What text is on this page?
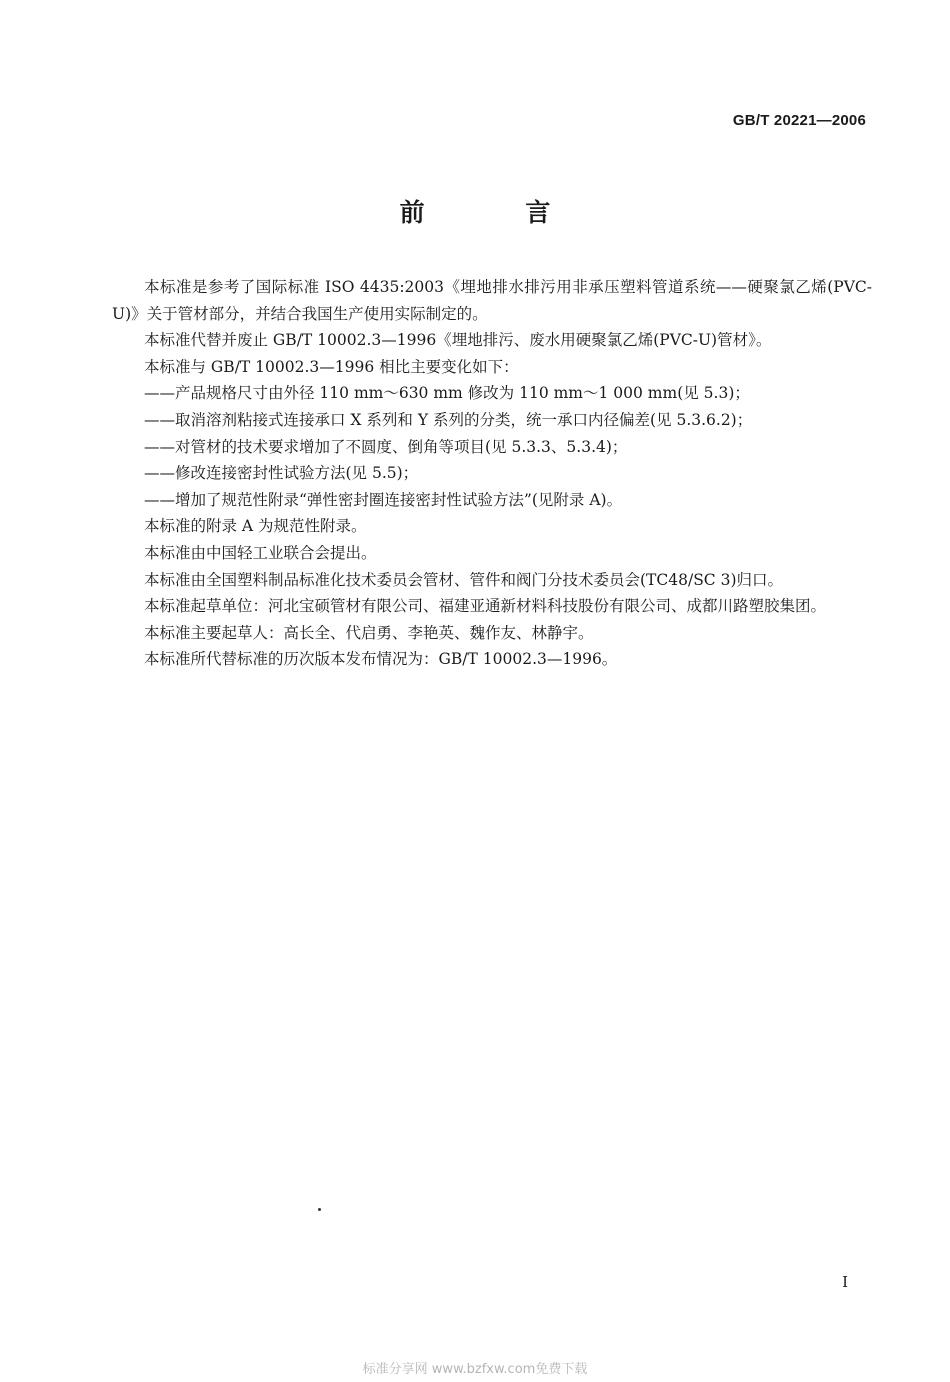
GB/T 20221—2006
前 言

本标准是参考了国际标准 ISO 4435:2003《埋地排水排污用非承压塑料管道系统——硬聚氯乙烯(PVC-U)》关于管材部分，并结合我国生产使用实际制定的。

本标准代替并废止 GB/T 10002.3—1996《埋地排污、废水用硬聚氯乙烯(PVC-U)管材》。

本标准与 GB/T 10002.3—1996 相比主要变化如下：

——产品规格尺寸由外径 110 mm～630 mm 修改为 110 mm～1 000 mm(见 5.3)；

——取消溶剂粘接式连接承口 X 系列和 Y 系列的分类，统一承口内径偏差(见 5.3.6.2)；

——对管材的技术要求增加了不圆度、倒角等项目(见 5.3.3、5.3.4)；

——修改连接密封性试验方法(见 5.5)；

——增加了规范性附录“弹性密封圈连接密封性试验方法”(见附录 A)。

本标准的附录 A 为规范性附录。

本标准由中国轻工业联合会提出。

本标准由全国塑料制品标准化技术委员会管材、管件和阀门分技术委员会(TC48/SC 3)归口。

本标准起草单位：河北宝硕管材有限公司、福建亚通新材料科技股份有限公司、成都川路塑胶集团。

本标准主要起草人：高长全、代启勇、李艳英、魏作友、林静宇。

本标准所代替标准的历次版本发布情况为：GB/T 10002.3—1996。

I
标准分享网 www.bzfxw.com免费下载
